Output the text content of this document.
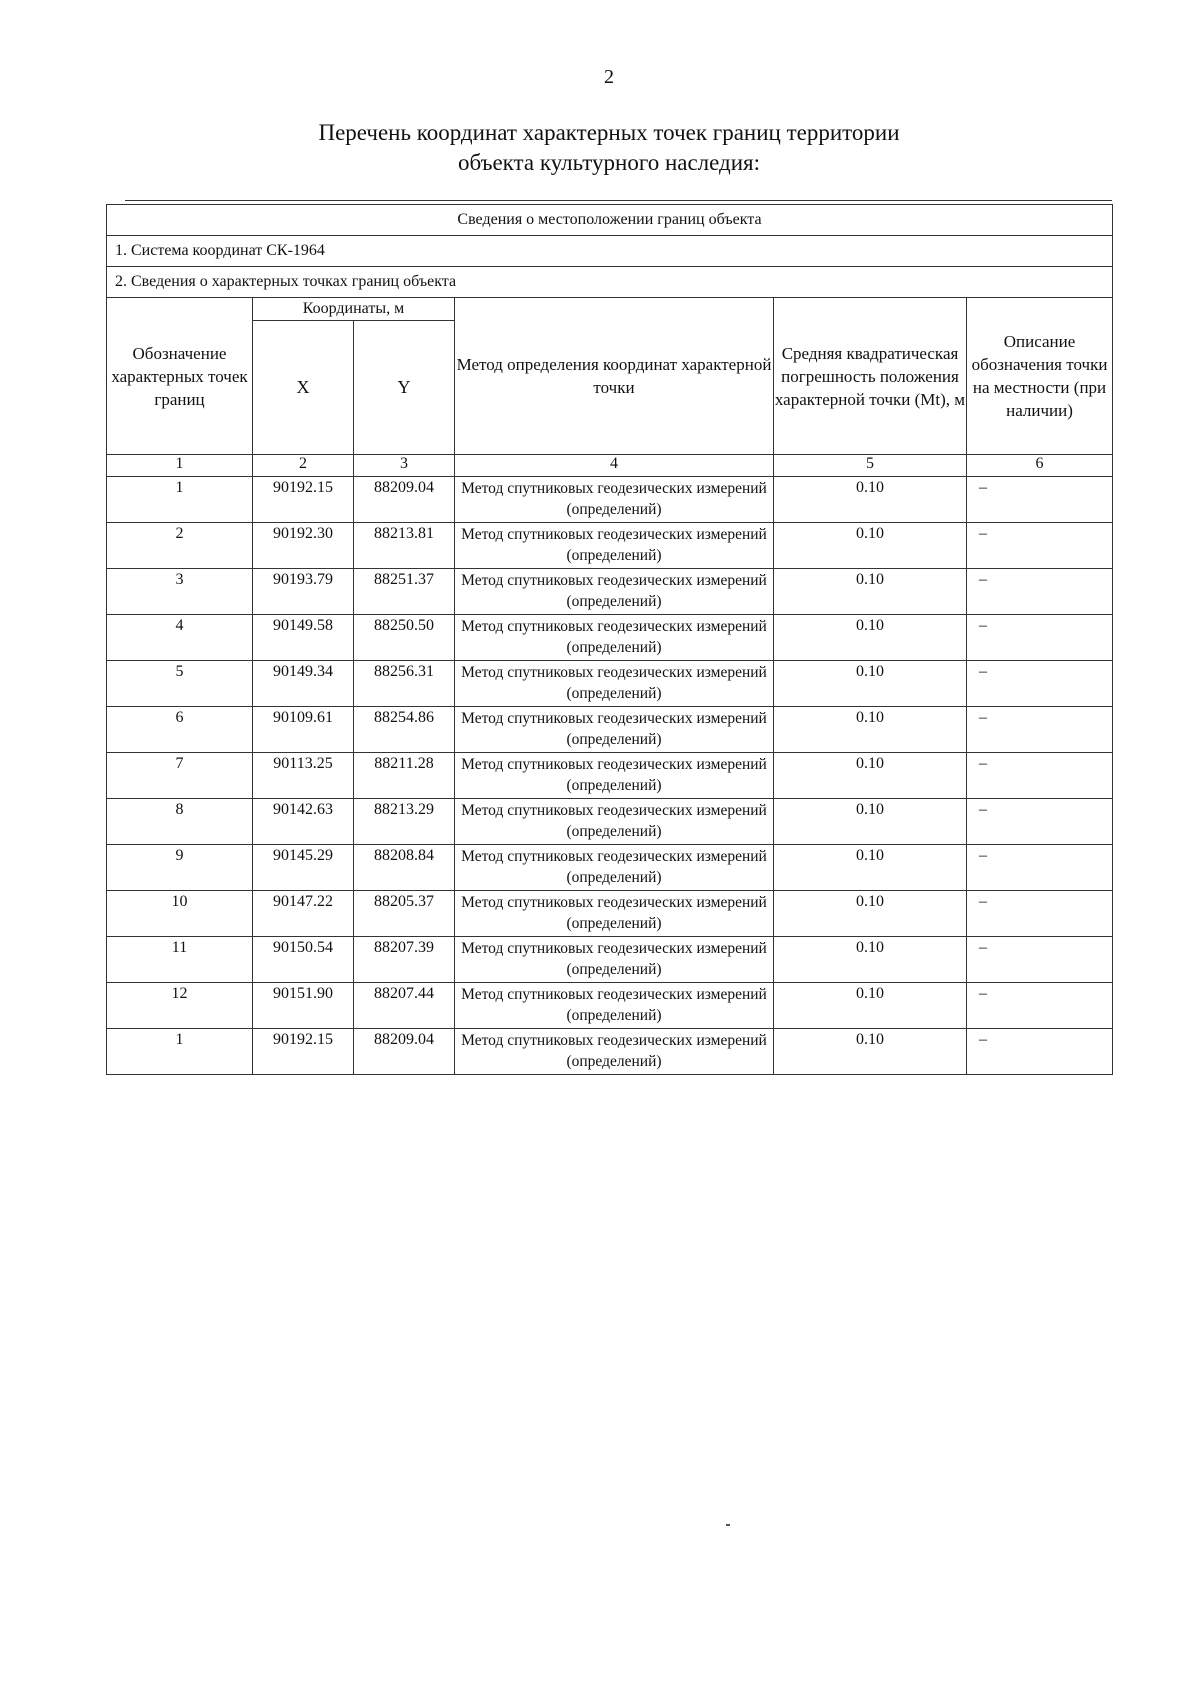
2
Перечень координат характерных точек границ территории
объекта культурного наследия:
Сведения о местоположении границ объекта					
1. Система координат СК-1964					
2. Сведения о характерных точках границ объекта					
Обозначение характерных точек границ	Координаты, м		Метод определения координат характерной точки	Средняя квадратическая погрешность положения характерной точки (Mt), м	Описание обозначения точки на местности (при наличии)
	X	Y			
1	2	3	4	5	6
1	90192.15	88209.04	Метод спутниковых геодезических измерений (определений)	0.10	–
2	90192.30	88213.81	Метод спутниковых геодезических измерений (определений)	0.10	–
3	90193.79	88251.37	Метод спутниковых геодезических измерений (определений)	0.10	–
4	90149.58	88250.50	Метод спутниковых геодезических измерений (определений)	0.10	–
5	90149.34	88256.31	Метод спутниковых геодезических измерений (определений)	0.10	–
6	90109.61	88254.86	Метод спутниковых геодезических измерений (определений)	0.10	–
7	90113.25	88211.28	Метод спутниковых геодезических измерений (определений)	0.10	–
8	90142.63	88213.29	Метод спутниковых геодезических измерений (определений)	0.10	–
9	90145.29	88208.84	Метод спутниковых геодезических измерений (определений)	0.10	–
10	90147.22	88205.37	Метод спутниковых геодезических измерений (определений)	0.10	–
11	90150.54	88207.39	Метод спутниковых геодезических измерений (определений)	0.10	–
12	90151.90	88207.44	Метод спутниковых геодезических измерений (определений)	0.10	–
1	90192.15	88209.04	Метод спутниковых геодезических измерений (определений)	0.10	–
